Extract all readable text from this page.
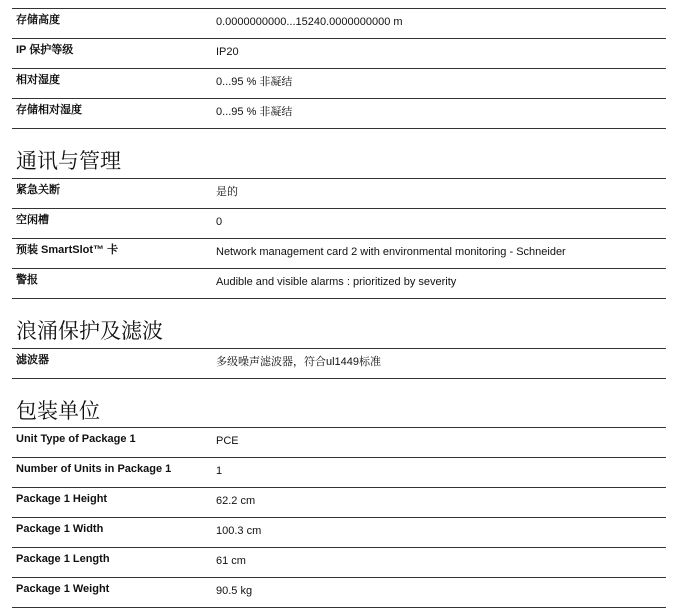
存储高度	0.0000000000...15240.0000000000 m
IP 保护等级	IP20
相对湿度	0...95 % 非凝结
存储相对湿度	0...95 % 非凝结
通讯与管理
紧急关断	是的
空闲槽	0
预装 SmartSlot™ 卡	Network management card 2 with environmental monitoring - Schneider
警报	Audible and visible alarms : prioritized by severity
浪涌保护及滤波
滤波器	多级噪声滤波器，符合ul1449标准
包装单位
Unit Type of Package 1	PCE
Number of Units in Package 1	1
Package 1 Height	62.2 cm
Package 1 Width	100.3 cm
Package 1 Length	61 cm
Package 1 Weight	90.5 kg
